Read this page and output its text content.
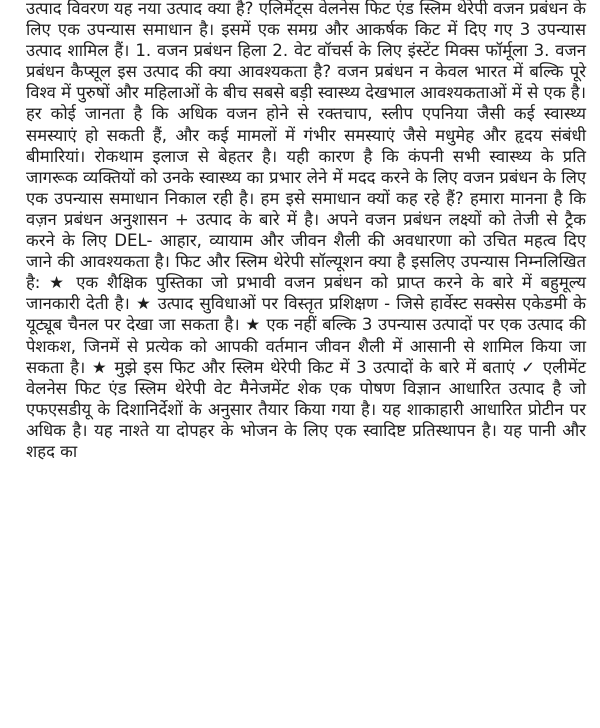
उत्पाद विवरण यह नया उत्पाद क्या है? एलिमेंट्स वेलनेस फिट एंड स्लिम थेरेपी वजन प्रबंधन के लिए एक उपन्यास समाधान है। इसमें एक समग्र और आकर्षक किट में दिए गए 3 उपन्यास उत्पाद शामिल हैं। 1. वजन प्रबंधन हिला 2. वेट वॉचर्स के लिए इंस्टेंट मिक्स फॉर्मूला 3. वजन प्रबंधन कैप्सूल इस उत्पाद की क्या आवश्यकता है? वजन प्रबंधन न केवल भारत में बल्कि पूरे विश्व में पुरुषों और महिलाओं के बीच सबसे बड़ी स्वास्थ्य देखभाल आवश्यकताओं में से एक है। हर कोई जानता है कि अधिक वजन होने से रक्तचाप, स्लीप एपनिया जैसी कई स्वास्थ्य समस्याएं हो सकती हैं, और कई मामलों में गंभीर समस्याएं जैसे मधुमेह और हृदय संबंधी बीमारियां। रोकथाम इलाज से बेहतर है। यही कारण है कि कंपनी सभी स्वास्थ्य के प्रति जागरूक व्यक्तियों को उनके स्वास्थ्य का प्रभार लेने में मदद करने के लिए वजन प्रबंधन के लिए एक उपन्यास समाधान निकाल रही है। हम इसे समाधान क्यों कह रहे हैं? हमारा मानना है कि वज़न प्रबंधन अनुशासन + उत्पाद के बारे में है। अपने वजन प्रबंधन लक्ष्यों को तेजी से ट्रैक करने के लिए DEL- आहार, व्यायाम और जीवन शैली की अवधारणा को उचित महत्व दिए जाने की आवश्यकता है। फिट और स्लिम थेरेपी सॉल्यूशन क्या है इसलिए उपन्यास निम्नलिखित है: ★ एक शैक्षिक पुस्तिका जो प्रभावी वजन प्रबंधन को प्राप्त करने के बारे में बहुमूल्य जानकारी देती है। ★ उत्पाद सुविधाओं पर विस्तृत प्रशिक्षण - जिसे हार्वेस्ट सक्सेस एकेडमी के यूट्यूब चैनल पर देखा जा सकता है। ★ एक नहीं बल्कि 3 उपन्यास उत्पादों पर एक उत्पाद की पेशकश, जिनमें से प्रत्येक को आपकी वर्तमान जीवन शैली में आसानी से शामिल किया जा सकता है। ★ मुझे इस फिट और स्लिम थेरेपी किट में 3 उत्पादों के बारे में बताएं ✓ एलीमेंट वेलनेस फिट एंड स्लिम थेरेपी वेट मैनेजमेंट शेक एक पोषण विज्ञान आधारित उत्पाद है जो एफएसडीयू के दिशानिर्देशों के अनुसार तैयार किया गया है। यह शाकाहारी आधारित प्रोटीन पर अधिक है। यह नाश्ते या दोपहर के भोजन के लिए एक स्वादिष्ट प्रतिस्थापन है। यह पानी और शहद का
